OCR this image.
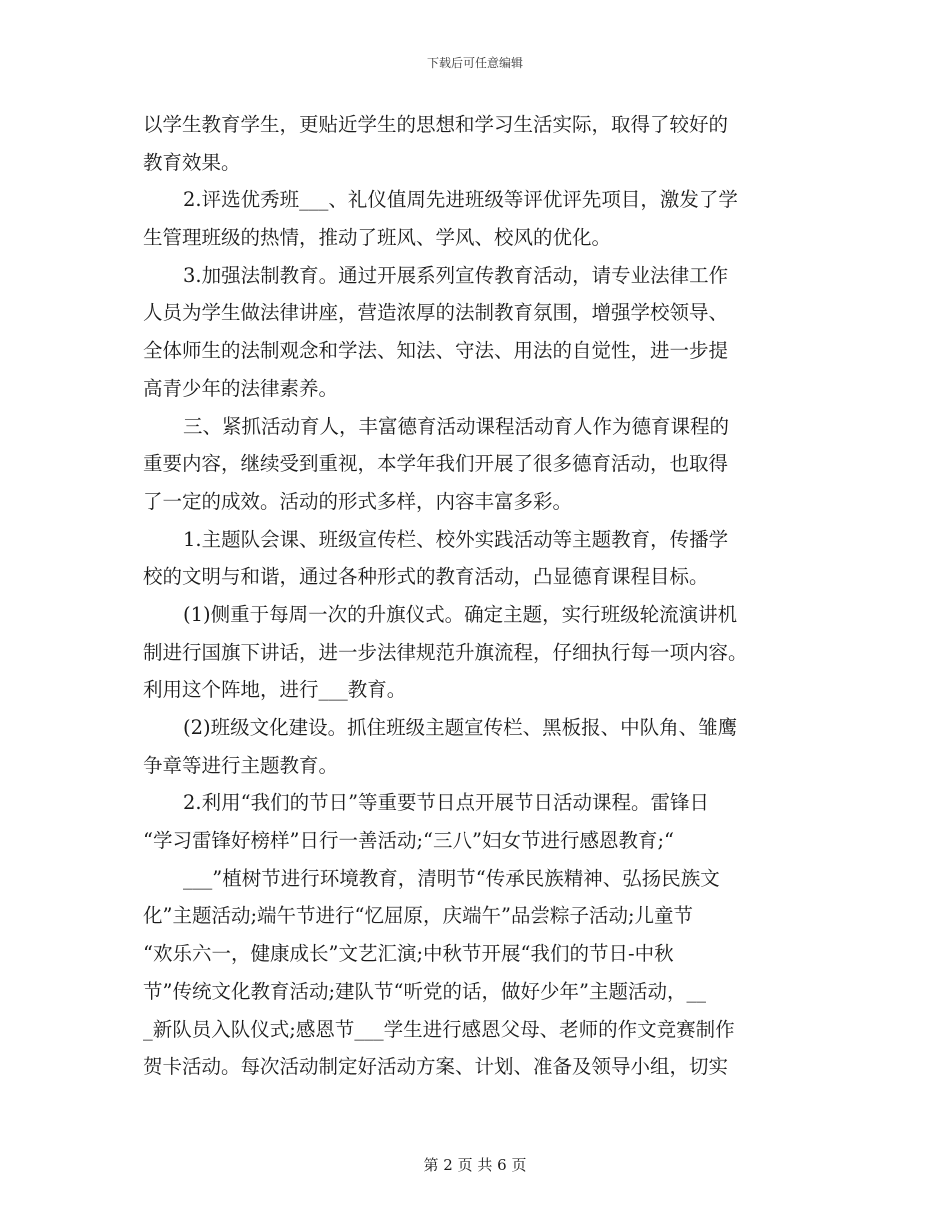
下载后可任意编辑
以学生教育学生，更贴近学生的思想和学习生活实际，取得了较好的
教育效果。
2.评选优秀班___、礼仪值周先进班级等评优评先项目，激发了学
生管理班级的热情，推动了班风、学风、校风的优化。
3.加强法制教育。通过开展系列宣传教育活动，请专业法律工作
人员为学生做法律讲座，营造浓厚的法制教育氛围，增强学校领导、
全体师生的法制观念和学法、知法、守法、用法的自觉性，进一步提
高青少年的法律素养。
三、紧抓活动育人，丰富德育活动课程活动育人作为德育课程的
重要内容，继续受到重视，本学年我们开展了很多德育活动，也取得
了一定的成效。活动的形式多样，内容丰富多彩。
1.主题队会课、班级宣传栏、校外实践活动等主题教育，传播学
校的文明与和谐，通过各种形式的教育活动，凸显德育课程目标。
(1)侧重于每周一次的升旗仪式。确定主题，实行班级轮流演讲机
制进行国旗下讲话，进一步法律规范升旗流程，仔细执行每一项内容。
利用这个阵地，进行___教育。
(2)班级文化建设。抓住班级主题宣传栏、黑板报、中队角、雏鹰
争章等进行主题教育。
2.利用“我们的节日”等重要节日点开展节日活动课程。雷锋日
“学习雷锋好榜样”日行一善活动;“三八”妇女节进行感恩教育;“
___”植树节进行环境教育，清明节“传承民族精神、弘扬民族文
化”主题活动;端午节进行“忆屈原，庆端午”品尝粽子活动;儿童节
“欢乐六一，健康成长”文艺汇演;中秋节开展“我们的节日-中秋
节”传统文化教育活动;建队节“听党的话，做好少年”主题活动，__
_新队员入队仪式;感恩节___学生进行感恩父母、老师的作文竞赛制作
贺卡活动。每次活动制定好活动方案、计划、准备及领导小组，切实
第 2 页 共 6 页
